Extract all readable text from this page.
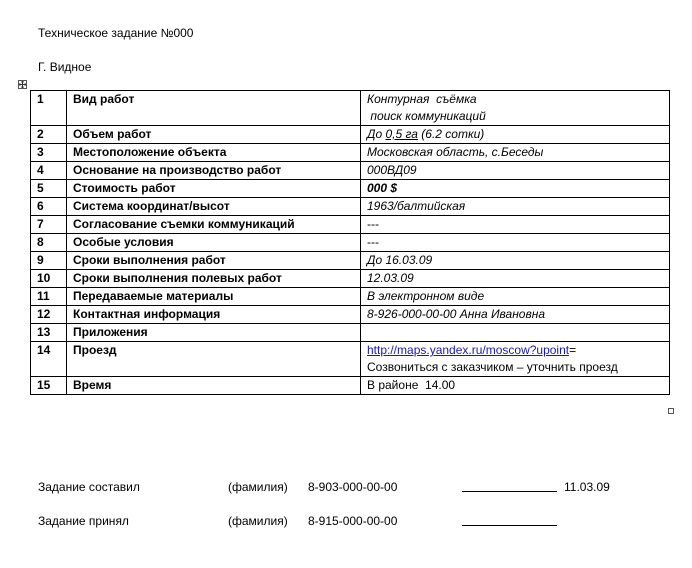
Техническое задание №000
Г. Видное
1	Вид работ	Контурная  съёмка
поиск коммуникаций

2	Объем работ	До 0,5 га (6.2 сотки)
3	Местоположение объекта	Московская область, с.Беседы
4	Основание на производство работ	000ВД09
5	Стоимость работ	000 $
6	Система координат/высот	1963/балтийская
7	Согласование съемки коммуникаций	---
8	Особые условия	---
9	Сроки выполнения работ	До 16.03.09
10	Сроки выполнения полевых работ	12.03.09
11	Передаваемые материалы	В электронном виде
12	Контактная информация	8-926-000-00-00 Анна Ивановна
13	Приложения	
14	Проезд	http://maps.yandex.ru/moscow?upoint=
Созвониться с заказчиком – уточнить проезд

15	Время	В районе  14.00
Задание составил	(фамилия) 8-903-000-00-00	11.03.09
Задание принял	(фамилия) 8-915-000-00-00
